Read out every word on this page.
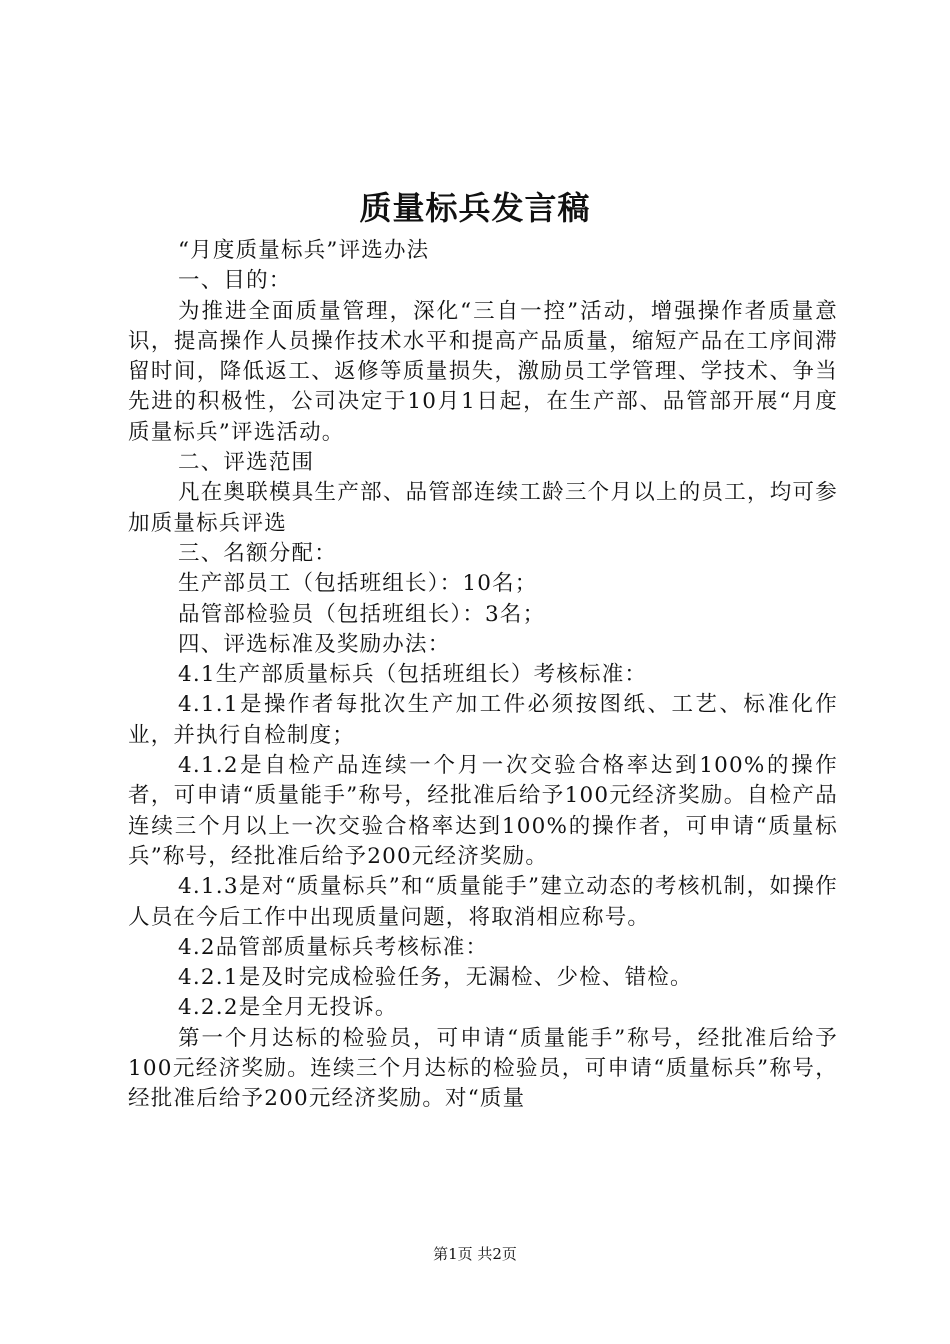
质量标兵发言稿

“月度质量标兵”评选办法

一、目的：

为推进全面质量管理，深化“三自一控”活动，增强操作者质量意识，提高操作人员操作技术水平和提高产品质量，缩短产品在工序间滞留时间，降低返工、返修等质量损失，激励员工学管理、学技术、争当先进的积极性，公司决定于10月1日起，在生产部、品管部开展“月度质量标兵”评选活动。

二、评选范围

凡在奥联模具生产部、品管部连续工龄三个月以上的员工，均可参加质量标兵评选

三、名额分配：

生产部员工（包括班组长）：10名；

品管部检验员（包括班组长）：3名；

四、评选标准及奖励办法：

4.1生产部质量标兵（包括班组长）考核标准：

4.1.1是操作者每批次生产加工件必须按图纸、工艺、标准化作业，并执行自检制度；

4.1.2是自检产品连续一个月一次交验合格率达到100%的操作者，可申请“质量能手”称号，经批准后给予100元经济奖励。自检产品连续三个月以上一次交验合格率达到100%的操作者，可申请“质量标兵”称号，经批准后给予200元经济奖励。

4.1.3是对“质量标兵”和“质量能手”建立动态的考核机制，如操作人员在今后工作中出现质量问题，将取消相应称号。

4.2品管部质量标兵考核标准：

4.2.1是及时完成检验任务，无漏检、少检、错检。

4.2.2是全月无投诉。

第一个月达标的检验员，可申请“质量能手”称号，经批准后给予100元经济奖励。连续三个月达标的检验员，可申请“质量标兵”称号，经批准后给予200元经济奖励。对“质量

第1页 共2页
